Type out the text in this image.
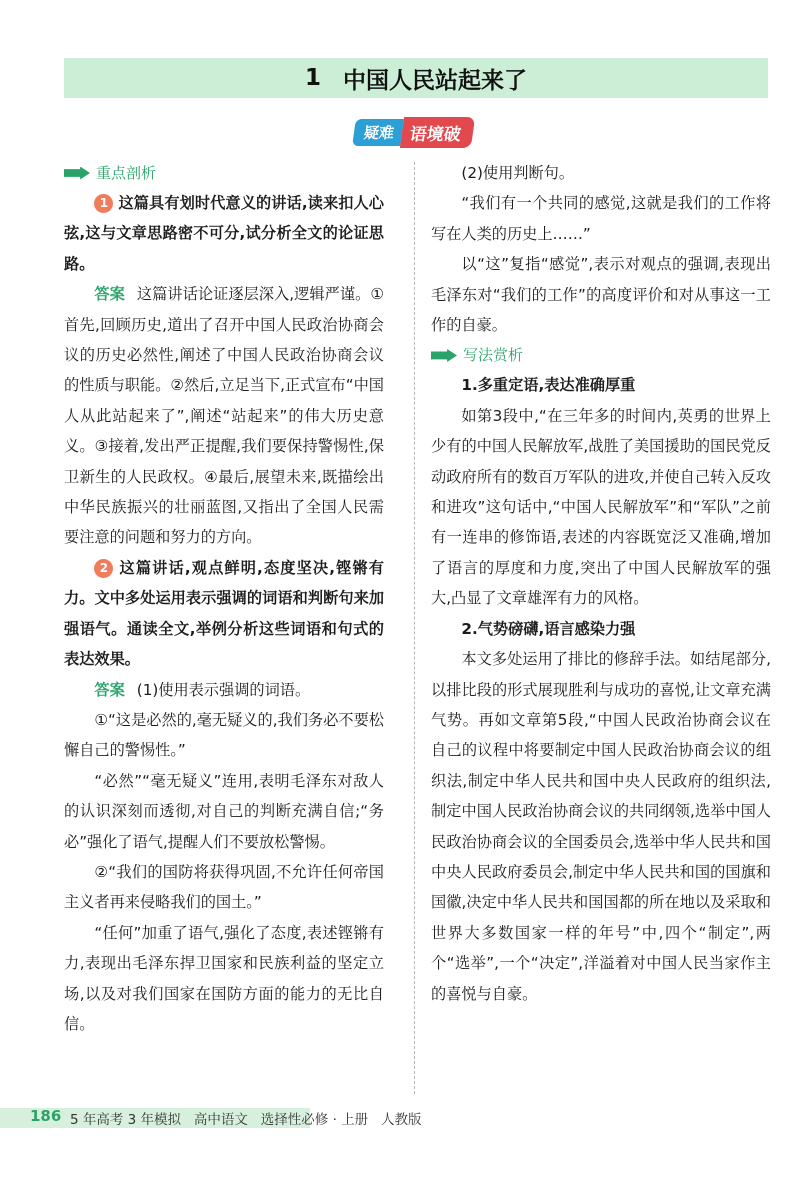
1 中国人民站起来了
疑难 语境破
重点剖析

1 这篇具有划时代意义的讲话,读来扣人心弦,这与文章思路密不可分,试分析全文的论证思路。

答案 这篇讲话论证逐层深入,逻辑严谨。①首先,回顾历史,道出了召开中国人民政治协商会议的历史必然性,阐述了中国人民政治协商会议的性质与职能。②然后,立足当下,正式宣布“中国人从此站起来了”,阐述“站起来”的伟大历史意义。③接着,发出严正提醒,我们要保持警惕性,保卫新生的人民政权。④最后,展望未来,既描绘出中华民族振兴的壮丽蓝图,又指出了全国人民需要注意的问题和努力的方向。

2 这篇讲话,观点鲜明,态度坚决,铿锵有力。文中多处运用表示强调的词语和判断句来加强语气。通读全文,举例分析这些词语和句式的表达效果。

答案 (1)使用表示强调的词语。

①“这是必然的,毫无疑义的,我们务必不要松懈自己的警惕性。”

“必然”“毫无疑义”连用,表明毛泽东对敌人的认识深刻而透彻,对自己的判断充满自信;“务必”强化了语气,提醒人们不要放松警惕。

②“我们的国防将获得巩固,不允许任何帝国主义者再来侵略我们的国土。”

“任何”加重了语气,强化了态度,表述铿锵有力,表现出毛泽东捍卫国家和民族利益的坚定立场,以及对我们国家在国防方面的能力的无比自信。

(2)使用判断句。

“我们有一个共同的感觉,这就是我们的工作将写在人类的历史上……”

以“这”复指“感觉”,表示对观点的强调,表现出毛泽东对“我们的工作”的高度评价和对从事这一工作的自豪。

写法赏析

1.多重定语,表达准确厚重

如第3段中,“在三年多的时间内,英勇的世界上少有的中国人民解放军,战胜了美国援助的国民党反动政府所有的数百万军队的进攻,并使自己转入反攻和进攻”这句话中,“中国人民解放军”和“军队”之前有一连串的修饰语,表述的内容既宽泛又准确,增加了语言的厚度和力度,突出了中国人民解放军的强大,凸显了文章雄浑有力的风格。

2.气势磅礴,语言感染力强

本文多处运用了排比的修辞手法。如结尾部分,以排比段的形式展现胜利与成功的喜悦,让文章充满气势。再如文章第5段,“中国人民政治协商会议在自己的议程中将要制定中国人民政治协商会议的组织法,制定中华人民共和国中央人民政府的组织法,制定中国人民政治协商会议的共同纲领,选举中国人民政治协商会议的全国委员会,选举中华人民共和国中央人民政府委员会,制定中华人民共和国的国旗和国徽,决定中华人民共和国国都的所在地以及采取和世界大多数国家一样的年号”中,四个“制定”,两个“选举”,一个“决定”,洋溢着对中国人民当家作主的喜悦与自豪。

186 5 年高考 3 年模拟   高中语文   选择性必修 · 上册   人教版
